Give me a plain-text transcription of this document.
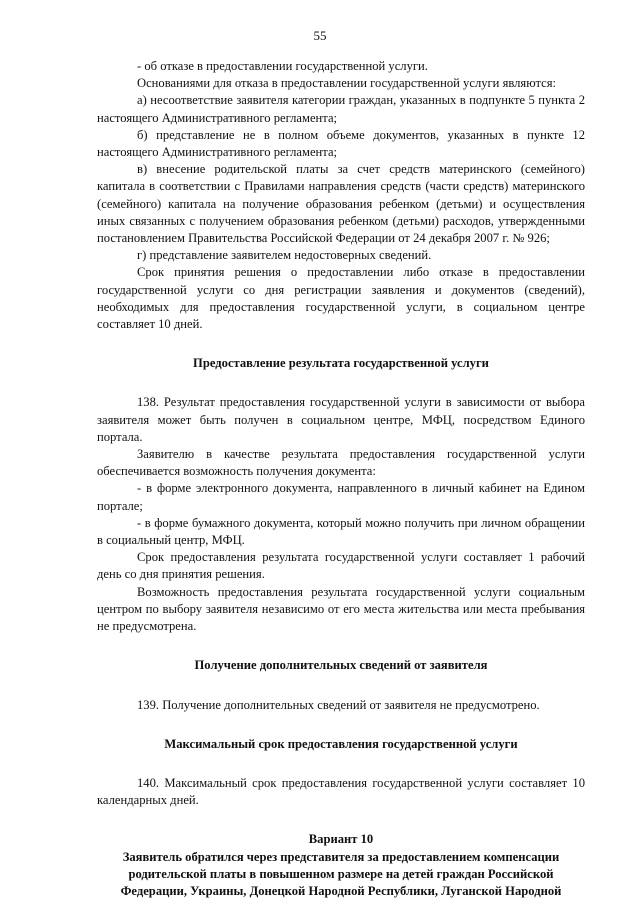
55
- об отказе в предоставлении государственной услуги.
Основаниями для отказа в предоставлении государственной услуги являются:
а) несоответствие заявителя категории граждан, указанных в подпункте 5 пункта 2 настоящего Административного регламента;
б) представление не в полном объеме документов, указанных в пункте 12 настоящего Административного регламента;
в) внесение родительской платы за счет средств материнского (семейного) капитала в соответствии с Правилами направления средств (части средств) материнского (семейного) капитала на получение образования ребенком (детьми) и осуществления иных связанных с получением образования ребенком (детьми) расходов, утвержденными постановлением Правительства Российской Федерации от 24 декабря 2007 г. № 926;
г) представление заявителем недостоверных сведений.
Срок принятия решения о предоставлении либо отказе в предоставлении государственной услуги со дня регистрации заявления и документов (сведений), необходимых для предоставления государственной услуги, в социальном центре составляет 10 дней.
Предоставление результата государственной услуги
138. Результат предоставления государственной услуги в зависимости от выбора заявителя может быть получен в социальном центре, МФЦ, посредством Единого портала.
Заявителю в качестве результата предоставления государственной услуги обеспечивается возможность получения документа:
- в форме электронного документа, направленного в личный кабинет на Едином портале;
- в форме бумажного документа, который можно получить при личном обращении в социальный центр, МФЦ.
Срок предоставления результата государственной услуги составляет 1 рабочий день со дня принятия решения.
Возможность предоставления результата государственной услуги социальным центром по выбору заявителя независимо от его места жительства или места пребывания не предусмотрена.
Получение дополнительных сведений от заявителя
139. Получение дополнительных сведений от заявителя не предусмотрено.
Максимальный срок предоставления государственной услуги
140. Максимальный срок предоставления государственной услуги составляет 10 календарных дней.
Вариант 10
Заявитель обратился через представителя за предоставлением компенсации родительской платы в повышенном размере на детей граждан Российской Федерации, Украины, Донецкой Народной Республики, Луганской Народной
